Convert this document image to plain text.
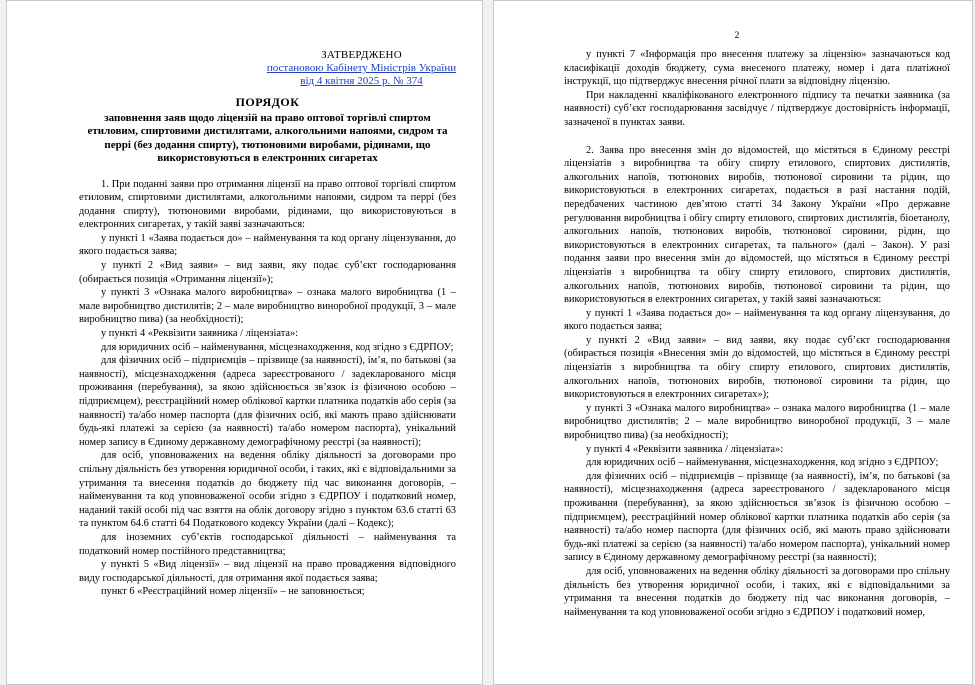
ЗАТВЕРДЖЕНО
постановою Кабінету Міністрів України
від 4 квітня 2025 р. № 374
ПОРЯДОК
заповнення заяв щодо ліцензій на право оптової торгівлі спиртом етиловим, спиртовими дистилятами, алкогольними напоями, сидром та перрі (без додання спирту), тютюновими виробами, рідинами, що використовуються в електронних сигаретах

1. При поданні заяви про отримання ліцензії на право оптової торгівлі спиртом етиловим, спиртовими дистилятами, алкогольними напоями, сидром та перрі (без додання спирту), тютюновими виробами, рідинами, що використовуються в електронних сигаретах, у такій заяві зазначаються:

у пункті 1 «Заява подається до» – найменування та код органу ліцензування, до якого подається заява;

у пункті 2 «Вид заяви» – вид заяви, яку подає суб’єкт господарювання (обирається позиція «Отримання ліцензії»);

у пункті 3 «Ознака малого виробництва» – ознака малого виробництва (1 – мале виробництво дистилятів; 2 – мале виробництво виноробної продукції, 3 – мале виробництво пива) (за необхідності);

у пункті 4 «Реквізити заявника / ліцензіата»:

для юридичних осіб – найменування, місцезнаходження, код згідно з ЄДРПОУ;

для фізичних осіб – підприємців – прізвище (за наявності), ім’я, по батькові (за наявності), місцезнаходження (адреса зареєстрованого / задекларованого місця проживання (перебування), за якою здійснюється зв’язок із фізичною особою – підприємцем), реєстраційний номер облікової картки платника податків або серія (за наявності) та/або номер паспорта (для фізичних осіб, які мають право здійснювати будь-які платежі за серією (за наявності) та/або номером паспорта), унікальний номер запису в Єдиному державному демографічному реєстрі (за наявності);

для осіб, уповноважених на ведення обліку діяльності за договорами про спільну діяльність без утворення юридичної особи, і таких, які є відповідальними за утримання та внесення податків до бюджету під час виконання договорів, – найменування та код уповноваженої особи згідно з ЄДРПОУ і податковий номер, наданий такій особі під час взяття на облік договору згідно з пунктом 63.6 статті 63 та пунктом 64.6 статті 64 Податкового кодексу України (далі – Кодекс);

для іноземних суб’єктів господарської діяльності – найменування та податковий номер постійного представництва;

у пункті 5 «Вид ліцензії» – вид ліцензії на право провадження відповідного виду господарської діяльності, для отримання якої подається заява;

пункт 6 «Реєстраційний номер ліцензії» – не заповнюється;

2

у пункті 7 «Інформація про внесення платежу за ліцензію» зазначаються код класифікації доходів бюджету, сума внесеного платежу, номер і дата платіжної інструкції, що підтверджує внесення річної плати за відповідну ліцензію.

При накладенні кваліфікованого електронного підпису та печатки заявника (за наявності) суб’єкт господарювання засвідчує / підтверджує достовірність інформації, зазначеної в пунктах заяви.

2. Заява про внесення змін до відомостей, що містяться в Єдиному реєстрі ліцензіатів з виробництва та обігу спирту етилового, спиртових дистилятів, алкогольних напоїв, тютюнових виробів, тютюнової сировини та рідин, що використовуються в електронних сигаретах, подається в разі настання подій, передбачених частиною дев’ятою статті 34 Закону України «Про державне регулювання виробництва і обігу спирту етилового, спиртових дистилятів, біоетанолу, алкогольних напоїв, тютюнових виробів, тютюнової сировини, рідин, що використовуються в електронних сигаретах, та пального» (далі – Закон). У разі подання заяви про внесення змін до відомостей, що містяться в Єдиному реєстрі ліцензіатів з виробництва та обігу спирту етилового, спиртових дистилятів, алкогольних напоїв, тютюнових виробів, тютюнової сировини та рідин, що використовуються в електронних сигаретах, у такій заяві зазначаються:

у пункті 1 «Заява подається до» – найменування та код органу ліцензування, до якого подається заява;

у пункті 2 «Вид заяви» – вид заяви, яку подає суб’єкт господарювання (обирається позиція «Внесення змін до відомостей, що містяться в Єдиному реєстрі ліцензіатів з виробництва та обігу спирту етилового, спиртових дистилятів, алкогольних напоїв, тютюнових виробів, тютюнової сировини та рідин, що використовуються в електронних сигаретах»);

у пункті 3 «Ознака малого виробництва» – ознака малого виробництва (1 – мале виробництво дистилятів; 2 – мале виробництво виноробної продукції, 3 – мале виробництво пива) (за необхідності);

у пункті 4 «Реквізити заявника / ліцензіата»:

для юридичних осіб – найменування, місцезнаходження, код згідно з ЄДРПОУ;

для фізичних осіб – підприємців – прізвище (за наявності), ім’я, по батькові (за наявності), місцезнаходження (адреса зареєстрованого / задекларованого місця проживання (перебування), за якою здійснюється зв’язок із фізичною особою – підприємцем), реєстраційний номер облікової картки платника податків або серія (за наявності) та/або номер паспорта (для фізичних осіб, які мають право здійснювати будь-які платежі за серією (за наявності) та/або номером паспорта), унікальний номер запису в Єдиному державному демографічному реєстрі (за наявності);

для осіб, уповноважених на ведення обліку діяльності за договорами про спільну діяльність без утворення юридичної особи, і таких, які є відповідальними за утримання та внесення податків до бюджету під час виконання договорів, – найменування та код уповноваженої особи згідно з ЄДРПОУ і податковий номер,
